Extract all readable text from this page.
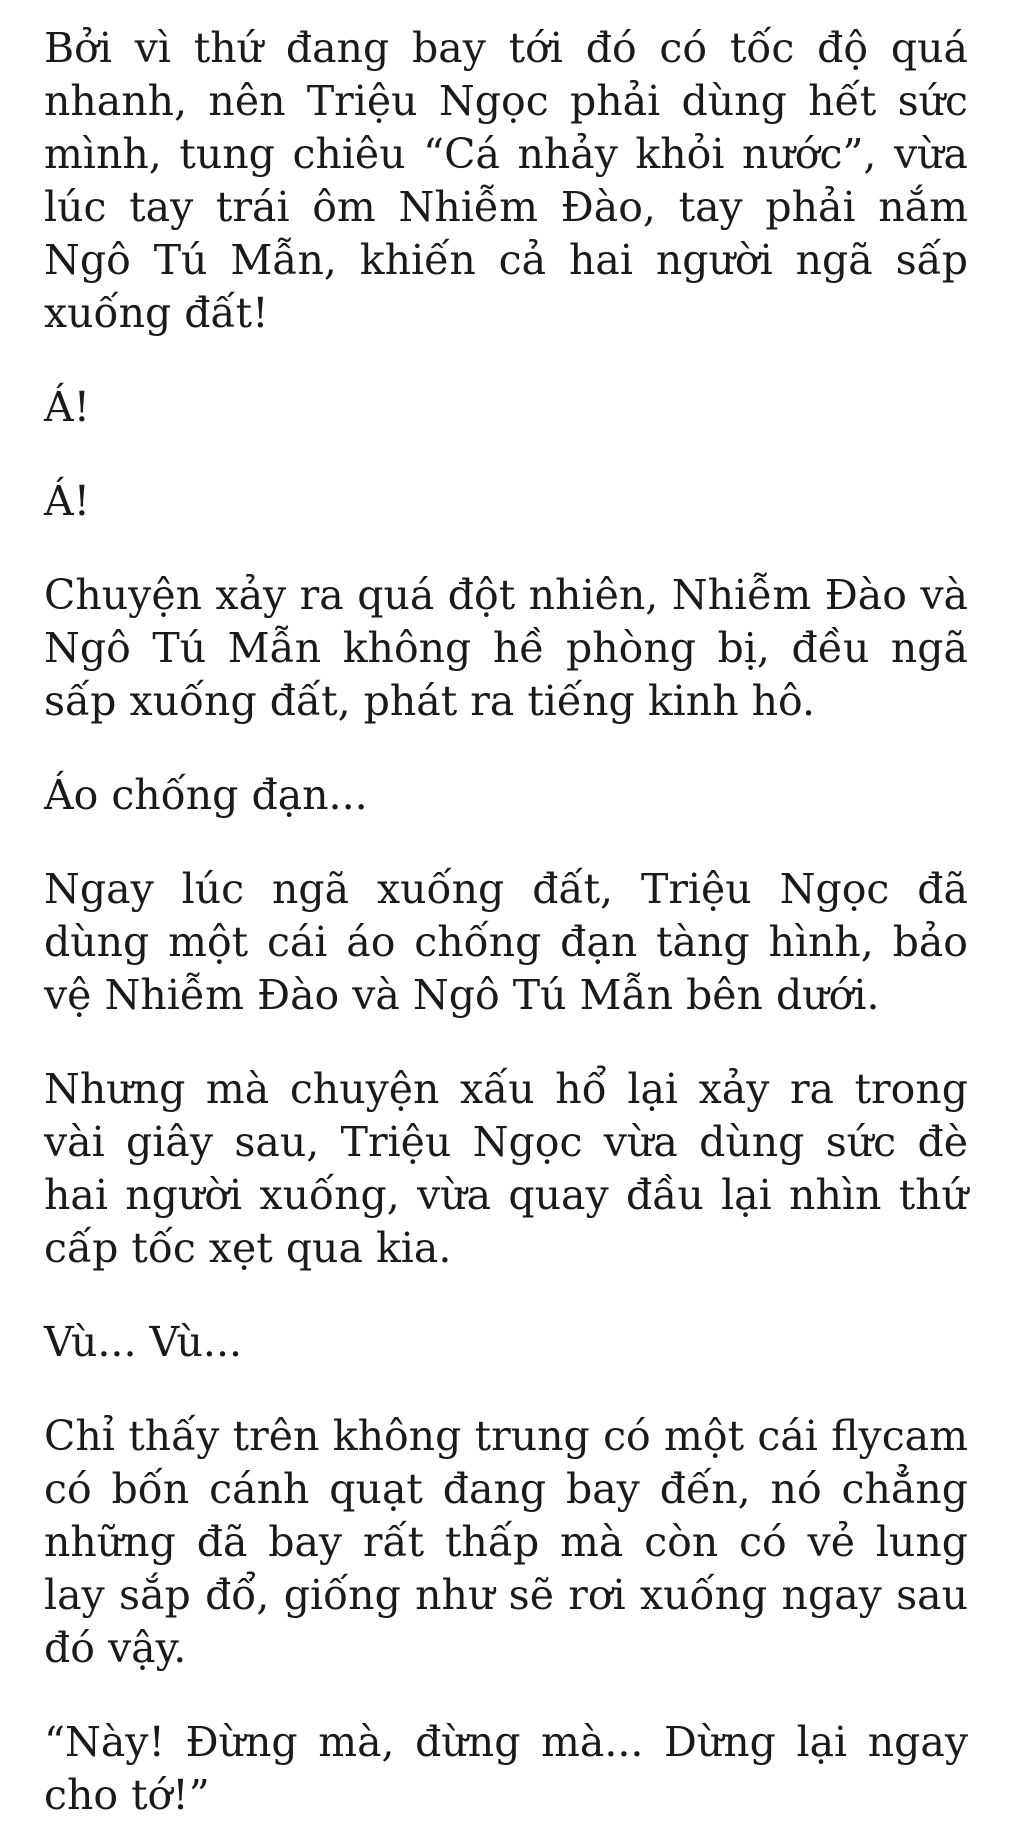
Bởi vì thứ đang bay tới đó có tốc độ quá nhanh, nên Triệu Ngọc phải dùng hết sức mình, tung chiêu “Cá nhảy khỏi nước”, vừa lúc tay trái ôm Nhiễm Đào, tay phải nắm Ngô Tú Mẫn, khiến cả hai người ngã sấp xuống đất!

Á!

Á!

Chuyện xảy ra quá đột nhiên, Nhiễm Đào và Ngô Tú Mẫn không hề phòng bị, đều ngã sấp xuống đất, phát ra tiếng kinh hô.

Áo chống đạn...

Ngay lúc ngã xuống đất, Triệu Ngọc đã dùng một cái áo chống đạn tàng hình, bảo vệ Nhiễm Đào và Ngô Tú Mẫn bên dưới.

Nhưng mà chuyện xấu hổ lại xảy ra trong vài giây sau, Triệu Ngọc vừa dùng sức đè hai người xuống, vừa quay đầu lại nhìn thứ cấp tốc xẹt qua kia.

Vù... Vù...

Chỉ thấy trên không trung có một cái flycam có bốn cánh quạt đang bay đến, nó chẳng những đã bay rất thấp mà còn có vẻ lung lay sắp đổ, giống như sẽ rơi xuống ngay sau đó vậy.

“Này! Đừng mà, đừng mà... Dừng lại ngay cho tớ!”
